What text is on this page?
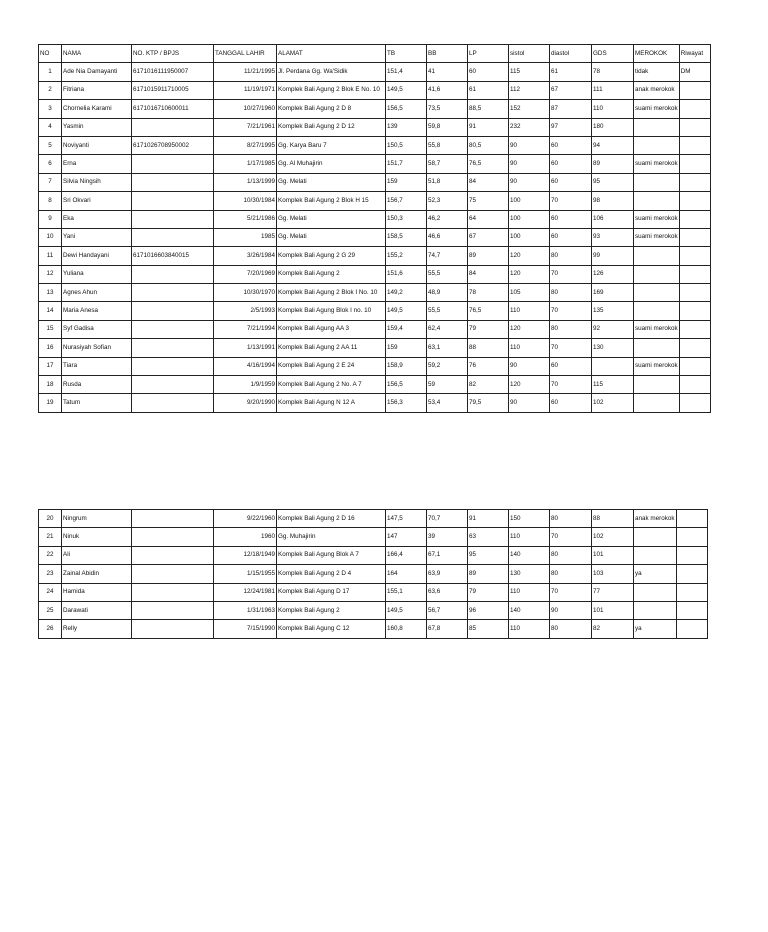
NO	NAMA	NO. KTP / BPJS	TANGGAL LAHIR	ALAMAT	TB	BB	LP	sistol	diastol	GDS	MEROKOK	Riwayat
1	Ade Nia Damayanti	6171016111950007	11/21/1995	Jl. Perdana Gg. Wa'Sidik	151,4	41	60	115	61	78	tidak	DM
2	Fitriana	6171015911710005	11/19/1971	Komplek Bali Agung 2 Blok E No. 10	149,5	41,6	61	112	67	111	anak merokok	
3	Chornelia Karami	6171016710600011	10/27/1960	Komplek Bali Agung 2 D 8	156,5	73,5	88,5	152	87	110	suami merokok	
4	Yasmin		7/21/1961	Komplek Bali Agung 2 D 12	139	59,8	91	232	97	180		
5	Noviyanti	6171026708950002	8/27/1995	Gg. Karya Baru 7	150,5	55,8	80,5	90	60	94		
6	Erna		1/17/1985	Gg. Al Muhajirin	151,7	58,7	76,5	90	60	89	suami merokok	
7	Silvia Ningsih		1/13/1999	Gg. Melati	159	51,8	84	90	60	95		
8	Sri Okvari		10/30/1984	Komplek Bali Agung 2 Blok H 15	156,7	52,3	75	100	70	98		
9	Eka		5/21/1986	Gg. Melati	150,3	46,2	64	100	60	106	suami merokok	
10	Yani		1985	Gg. Melati	158,5	46,6	67	100	60	93	suami merokok	
11	Dewi Handayani	6171016603840015	3/26/1984	Komplek Bali Agung 2 G 29	155,2	74,7	89	120	80	99		
12	Yuliana		7/20/1969	Komplek Bali Agung 2	151,6	55,5	84	120	70	126		
13	Agnes Ahun		10/30/1970	Komplek Bali Agung 2 Blok I No. 10	149,2	48,9	78	105	80	169		
14	Maria Anesa		2/5/1993	Komplek Bali Agung Blok I no. 10	149,5	55,5	76,5	110	70	135		
15	Syf Gadisa		7/21/1994	Komplek Bali Agung AA 3	159,4	62,4	79	120	80	92	suami merokok	
16	Nurasiyah Sofian		1/13/1991	Komplek Bali Agung 2 AA 11	159	63,1	88	110	70	130		
17	Tiara		4/16/1994	Komplek Bali Agung 2 E 24	158,9	59,2	76	90	60		suami merokok	
18	Rusda		1/9/1959	Komplek Bali Agung 2 No. A 7	156,5	59	82	120	70	115		
19	Tatum		9/20/1990	Komplek Bali Agung N 12 A	156,3	53,4	79,5	90	60	102		
20	Ningrum		9/22/1960	Komplek Bali Agung 2 D 16	147,5	70,7	91	150	80	88	anak merokok	
21	Ninuk		1960	Gg. Muhajirin	147	39	63	110	70	102		
22	Ali		12/18/1949	Komplek Bali Agung Blok A 7	166,4	67,1	95	140	80	101		
23	Zainal Abidin		1/15/1955	Komplek Bali Agung 2 D 4	164	63,9	89	130	80	103	ya	
24	Hamida		12/24/1981	Komplek Bali Agung D 17	155,1	63,6	79	110	70	77		
25	Darawati		1/31/1963	Komplek Bali Agung 2	149,5	56,7	96	140	90	101		
26	Relly		7/15/1990	Komplek Bali Agung C 12	160,8	67,8	85	110	80	82	ya	
